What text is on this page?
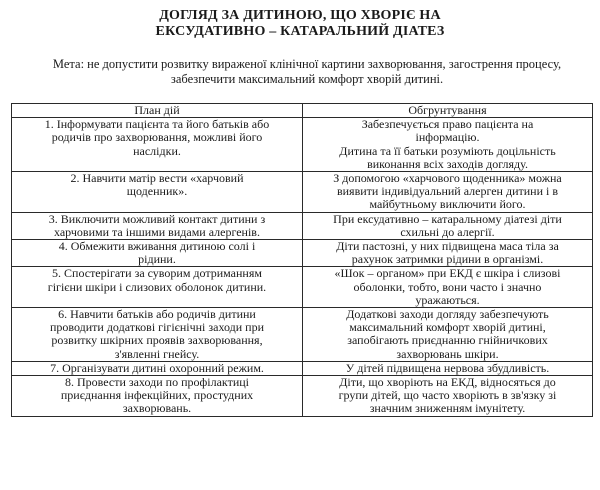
ДОГЛЯД ЗА ДИТИНОЮ, ЩО ХВОРІЄ НА
ЕКСУДАТИВНО – КАТАРАЛЬНИЙ ДІАТЕЗ

Мета: не допустити розвитку вираженої клінічної картини захворювання, загострення процесу,
забезпечити максимальний комфорт хворій дитині.

План дій	Обгрунтування

1. Інформувати пацієнта та його батьків або
родичів про захворювання, можливі його
наслідки.	Забезпечується право пацієнта на
інформацію.
Дитина та її батьки розуміють доцільність
виконання всіх заходів догляду.

2. Навчити матір вести «харчовий
щоденник».	З допомогою «харчового щоденника» можна
виявити індивідуальний алерген дитини і в
майбутньому виключити його.

3. Виключити можливий контакт дитини з
харчовими та іншими видами алергенів.	При ексудативно – катаральному діатезі діти
схильні до алергії.

4. Обмежити вживання дитиною солі і
рідини.	Діти пастозні, у них підвищена маса тіла за
рахунок затримки рідини в організмі.

5. Спостерігати за суворим дотриманням
гігієни шкіри і слизових оболонок дитини.	«Шок – органом» при ЕКД є шкіра і слизові
оболонки, тобто, вони часто і значно
уражаються.

6. Навчити батьків або родичів дитини
проводити додаткові гігієнічні заходи при
розвитку шкірних проявів захворювання,
з'явленні гнейсу.	Додаткові заходи догляду забезпечують
максимальний комфорт хворій дитині,
запобігають приєднанню гнійничкових
захворювань шкіри.

7. Організувати дитині охоронний режим.	У дітей підвищена нервова збудливість.

8. Провести заходи по профілактиці
приєднання інфекційних, простудних
захворювань.	Діти, що хворіють на ЕКД, відносяться до
групи дітей, що часто хворіють в зв'язку зі
значним зниженням імунітету.
